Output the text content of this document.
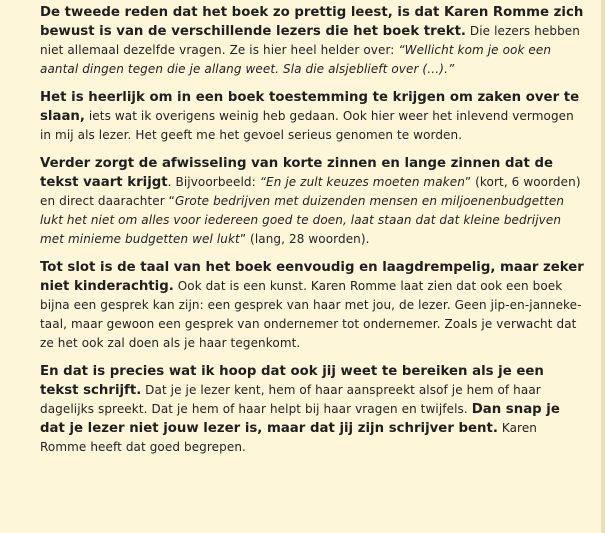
De tweede reden dat het boek zo prettig leest, is dat Karen Romme zich bewust is van de verschillende lezers die het boek trekt. Die lezers hebben niet allemaal dezelfde vragen. Ze is hier heel helder over: “Wellicht kom je ook een aantal dingen tegen die je allang weet. Sla die alsjeblieft over (…).”

Het is heerlijk om in een boek toestemming te krijgen om zaken over te slaan, iets wat ik overigens weinig heb gedaan. Ook hier weer het inlevend vermogen in mij als lezer. Het geeft me het gevoel serieus genomen te worden.

Verder zorgt de afwisseling van korte zinnen en lange zinnen dat de tekst vaart krijgt. Bijvoorbeeld: “En je zult keuzes moeten maken” (kort, 6 woorden) en direct daarachter “Grote bedrijven met duizenden mensen en miljoenenbudgetten lukt het niet om alles voor iedereen goed te doen, laat staan dat dat kleine bedrijven met minieme budgetten wel lukt” (lang, 28 woorden).

Tot slot is de taal van het boek eenvoudig en laagdrempelig, maar zeker niet kinderachtig. Ook dat is een kunst. Karen Romme laat zien dat ook een boek bijna een gesprek kan zijn: een gesprek van haar met jou, de lezer. Geen jip-en-janneke-taal, maar gewoon een gesprek van ondernemer tot ondernemer. Zoals je verwacht dat ze het ook zal doen als je haar tegenkomt.

En dat is precies wat ik hoop dat ook jij weet te bereiken als je een tekst schrijft. Dat je je lezer kent, hem of haar aanspreekt alsof je hem of haar dagelijks spreekt. Dat je hem of haar helpt bij haar vragen en twijfels. Dan snap je dat je lezer niet jouw lezer is, maar dat jij zijn schrijver bent. Karen Romme heeft dat goed begrepen.
